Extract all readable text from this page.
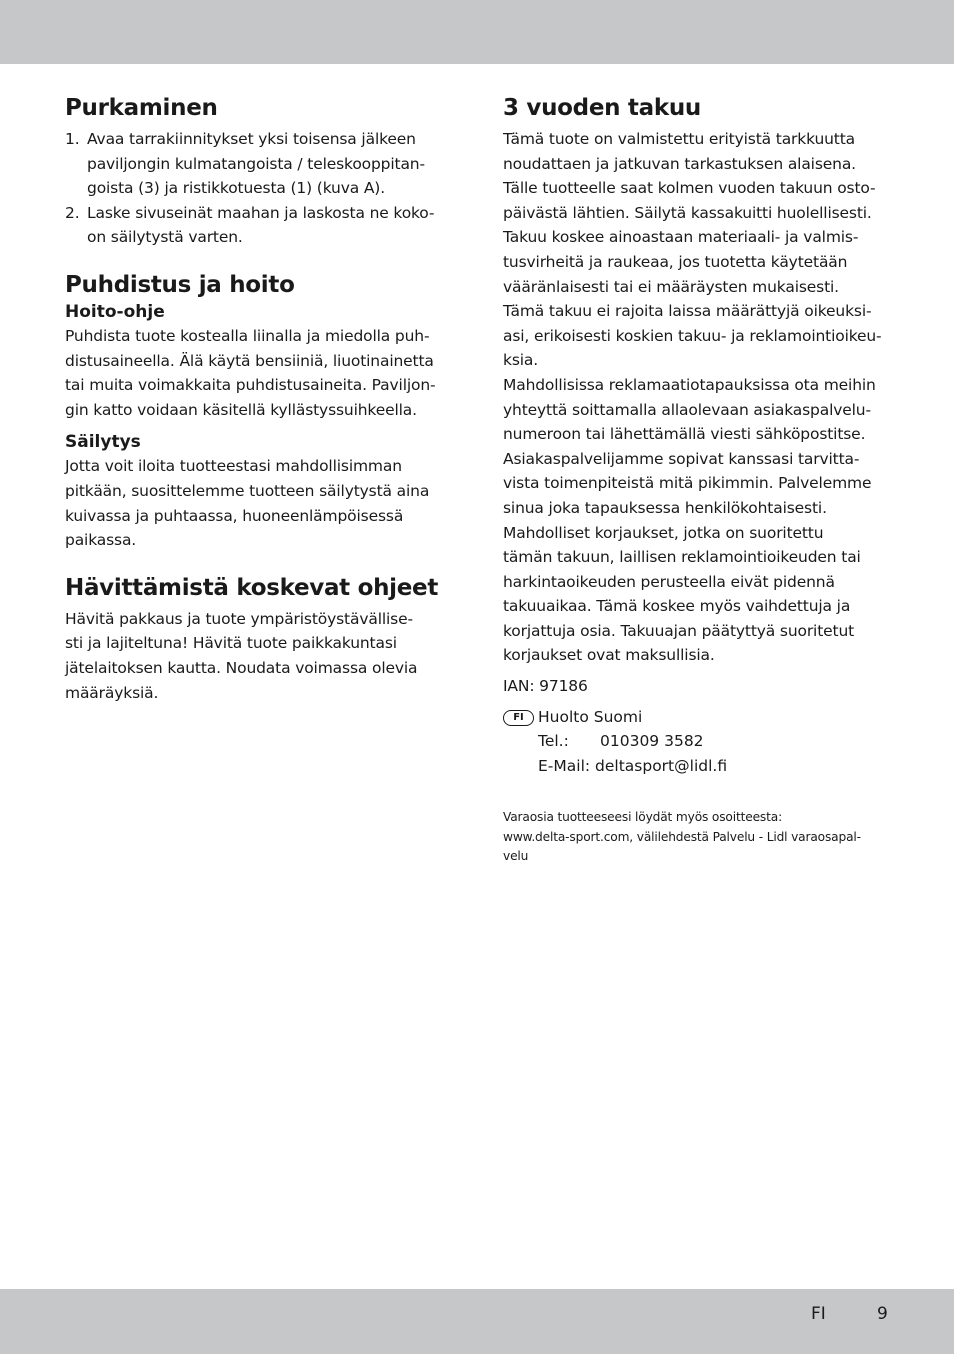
Purkaminen
1. Avaa tarrakiinnitykset yksi toisensa jälkeen
paviljongin kulmatangoista / teleskooppitan-
goista (3) ja ristikkotuesta (1) (kuva A).
2. Laske sivuseinät maahan ja laskosta ne koko-
on säilytystä varten.
Puhdistus ja hoito
Hoito-ohje

Puhdista tuote kostealla liinalla ja miedolla puh-
distusaineella. Älä käytä bensiiniä, liuotinainetta
tai muita voimakkaita puhdistusaineita. Paviljon-
gin katto voidaan käsitellä kyllästyssuihkeella.

Säilytys

Jotta voit iloita tuotteestasi mahdollisimman
pitkään, suosittelemme tuotteen säilytystä aina
kuivassa ja puhtaassa, huoneenlämpöisessä
paikassa.

Hävittämistä koskevat ohjeet

Hävitä pakkaus ja tuote ympäristöystävällise-
sti ja lajiteltuna! Hävitä tuote paikkakuntasi
jätelaitoksen kautta. Noudata voimassa olevia
määräyksiä.

3 vuoden takuu

Tämä tuote on valmistettu erityistä tarkkuutta
noudattaen ja jatkuvan tarkastuksen alaisena.
Tälle tuotteelle saat kolmen vuoden takuun osto-
päivästä lähtien. Säilytä kassakuitti huolellisesti.
Takuu koskee ainoastaan materiaali- ja valmis-
tusvirheitä ja raukeaa, jos tuotetta käytetään
vääränlaisesti tai ei määräysten mukaisesti.
Tämä takuu ei rajoita laissa määrättyjä oikeuksi-
asi, erikoisesti koskien takuu- ja reklamointioikeu-
ksia.
Mahdollisissa reklamaatiotapauksissa ota meihin
yhteyttä soittamalla allaolevaan asiakaspalvelu-
numeroon tai lähettämällä viesti sähköpostitse.
Asiakaspalvelijamme sopivat kanssasi tarvitta-
vista toimenpiteistä mitä pikimmin. Palvelemme
sinua joka tapauksessa henkilökohtaisesti.
Mahdolliset korjaukset, jotka on suoritettu
tämän takuun, laillisen reklamointioikeuden tai
harkintaoikeuden perusteella eivät pidennä
takuuaikaa. Tämä koskee myös vaihdettuja ja
korjattuja osia. Takuuajan päätyttyä suoritetut
korjaukset ovat maksullisia.

IAN: 97186

FI Huolto Suomi
Tel.: 010309 3582
E-Mail: deltasport@lidl.fi
Varaosia tuotteeseesi löydät myös osoitteesta:
www.delta-sport.com, välilehdestä Palvelu - Lidl varaosapal-
velu
FI	9
